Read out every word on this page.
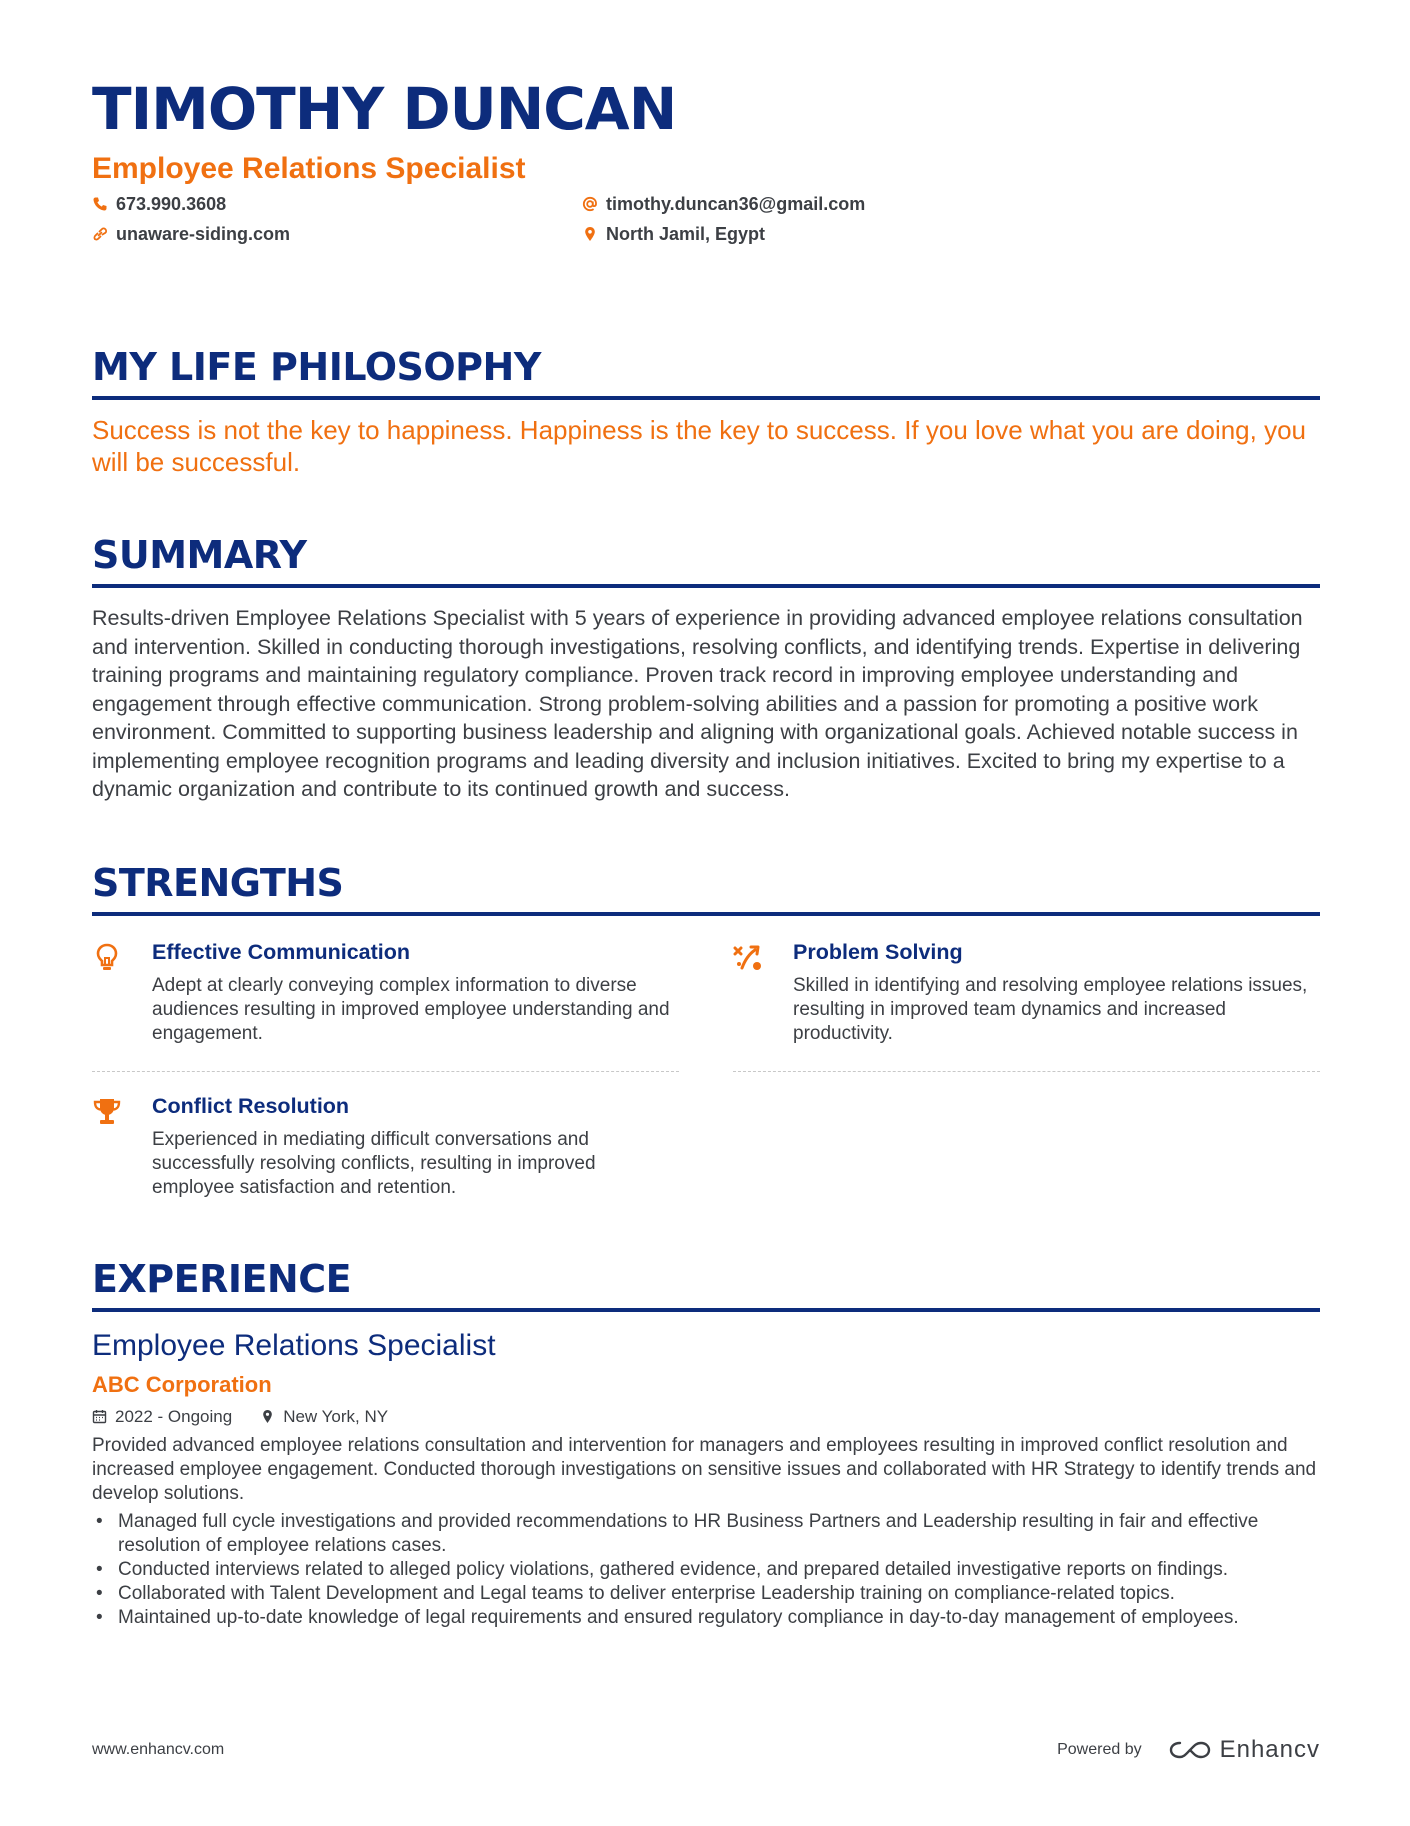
TIMOTHY DUNCAN
Employee Relations Specialist
673.990.3608	timothy.duncan36@gmail.com
unaware-siding.com	North Jamil, Egypt
MY LIFE PHILOSOPHY
Success is not the key to happiness. Happiness is the key to success. If you love what you are doing, you will be successful.
SUMMARY
Results-driven Employee Relations Specialist with 5 years of experience in providing advanced employee relations consultation and intervention. Skilled in conducting thorough investigations, resolving conflicts, and identifying trends. Expertise in delivering training programs and maintaining regulatory compliance. Proven track record in improving employee understanding and engagement through effective communication. Strong problem-solving abilities and a passion for promoting a positive work environment. Committed to supporting business leadership and aligning with organizational goals. Achieved notable success in implementing employee recognition programs and leading diversity and inclusion initiatives. Excited to bring my expertise to a dynamic organization and contribute to its continued growth and success.
STRENGTHS
Effective Communication
Adept at clearly conveying complex information to diverse audiences resulting in improved employee understanding and engagement.
Problem Solving
Skilled in identifying and resolving employee relations issues, resulting in improved team dynamics and increased productivity.
Conflict Resolution
Experienced in mediating difficult conversations and successfully resolving conflicts, resulting in improved employee satisfaction and retention.
EXPERIENCE
Employee Relations Specialist
ABC Corporation
2022 - Ongoing	New York, NY
Provided advanced employee relations consultation and intervention for managers and employees resulting in improved conflict resolution and increased employee engagement. Conducted thorough investigations on sensitive issues and collaborated with HR Strategy to identify trends and develop solutions.
• Managed full cycle investigations and provided recommendations to HR Business Partners and Leadership resulting in fair and effective resolution of employee relations cases.
• Conducted interviews related to alleged policy violations, gathered evidence, and prepared detailed investigative reports on findings.
• Collaborated with Talent Development and Legal teams to deliver enterprise Leadership training on compliance-related topics.
• Maintained up-to-date knowledge of legal requirements and ensured regulatory compliance in day-to-day management of employees.
www.enhancv.com	Powered by	Enhancv
